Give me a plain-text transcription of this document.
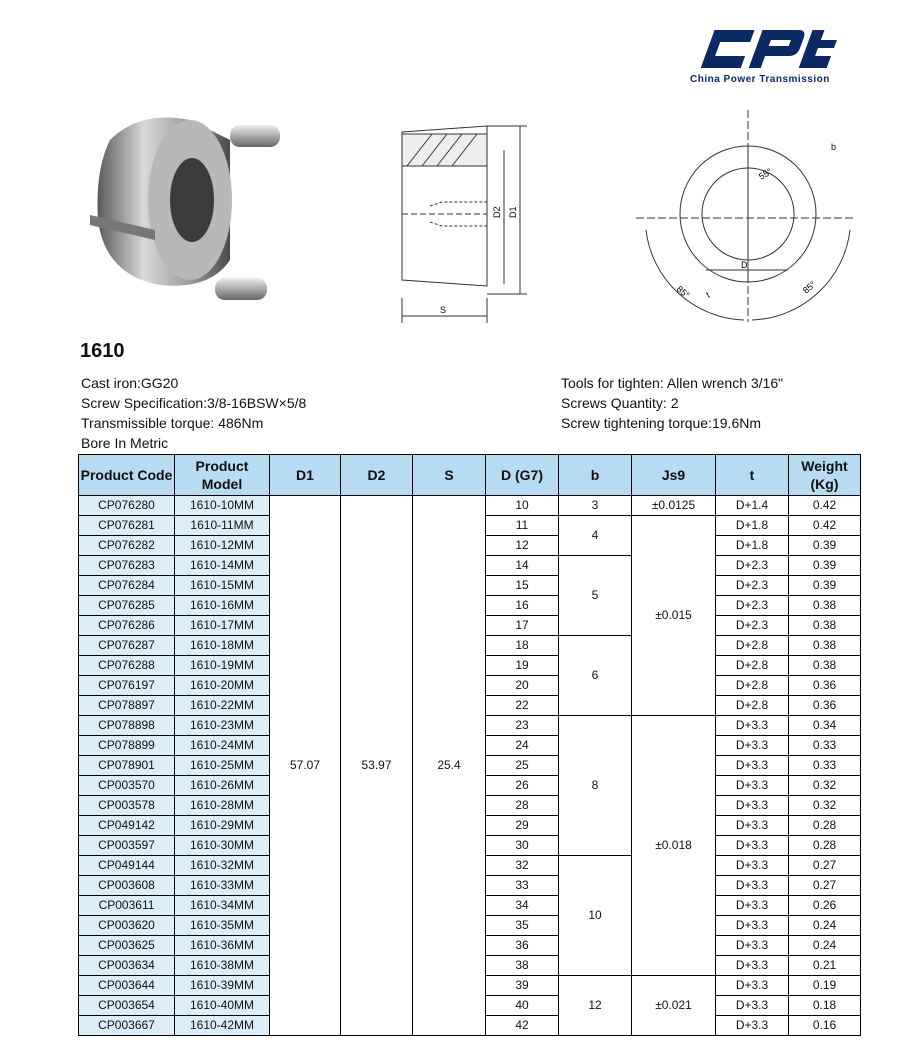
China Power Transmission
D2 D1
S
t
b
55°
D
85°	85°
1610
Cast iron:GG20
Screw Specification:3/8-16BSW×5/8
Transmissible torque: 486Nm
Bore In Metric
Tools for tighten: Allen wrench 3/16"
Screws Quantity: 2
Screw tightening torque:19.6Nm
Product Code	Product Model	D1	D2	S	D (G7)	b	Js9	t	Weight (Kg)
CP076280	1610-10MM	57.07	53.97	25.4	10	3	±0.0125	D+1.4	0.42
CP076281	1610-11MM				11	4	±0.015	D+1.8	0.42
CP076282	1610-12MM				12			D+1.8	0.39
CP076283	1610-14MM				14	5		D+2.3	0.39
CP076284	1610-15MM				15			D+2.3	0.39
CP076285	1610-16MM				16			D+2.3	0.38
CP076286	1610-17MM				17			D+2.3	0.38
CP076287	1610-18MM				18	6		D+2.8	0.38
CP076288	1610-19MM				19			D+2.8	0.38
CP076197	1610-20MM				20			D+2.8	0.36
CP078897	1610-22MM				22			D+2.8	0.36
CP078898	1610-23MM				23	8	±0.018	D+3.3	0.34
CP078899	1610-24MM				24			D+3.3	0.33
CP078901	1610-25MM				25			D+3.3	0.33
CP003570	1610-26MM				26			D+3.3	0.32
CP003578	1610-28MM				28			D+3.3	0.32
CP049142	1610-29MM				29			D+3.3	0.28
CP003597	1610-30MM				30			D+3.3	0.28
CP049144	1610-32MM				32	10		D+3.3	0.27
CP003608	1610-33MM				33			D+3.3	0.27
CP003611	1610-34MM				34			D+3.3	0.26
CP003620	1610-35MM				35			D+3.3	0.24
CP003625	1610-36MM				36			D+3.3	0.24
CP003634	1610-38MM				38			D+3.3	0.21
CP003644	1610-39MM				39	12	±0.021	D+3.3	0.19
CP003654	1610-40MM				40			D+3.3	0.18
CP003667	1610-42MM				42			D+3.3	0.16
